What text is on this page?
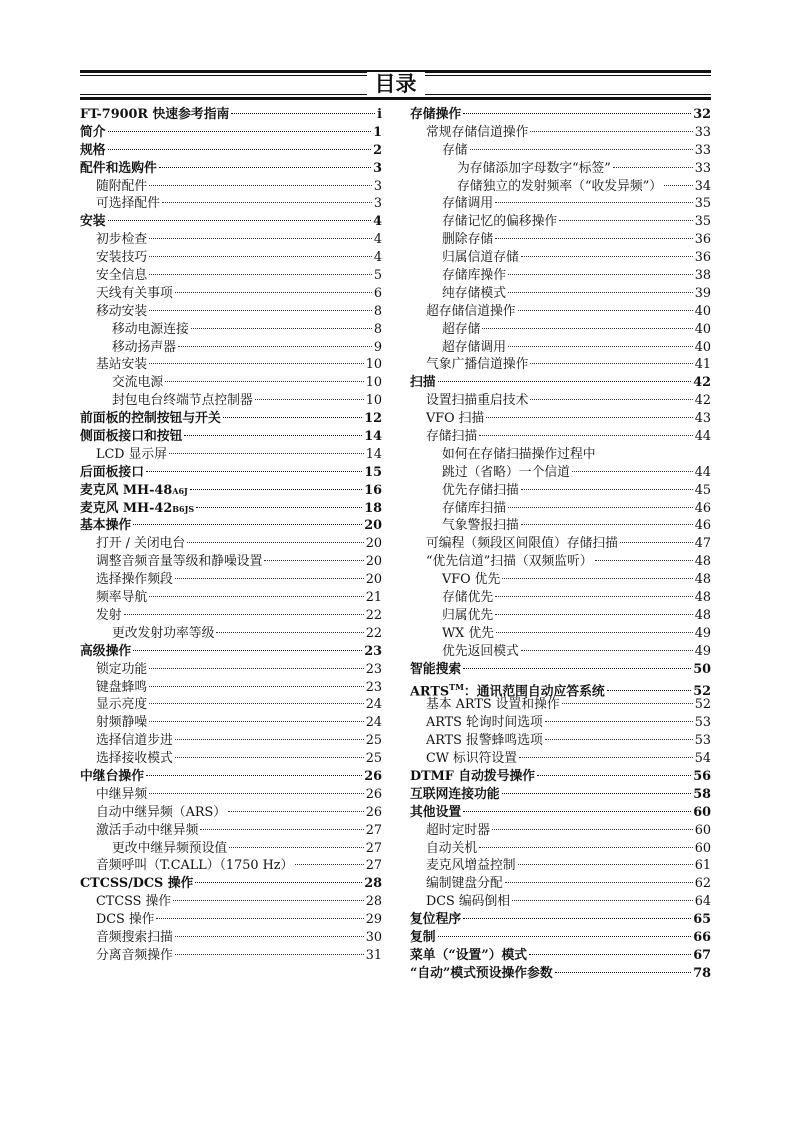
目录
FT-7900R 快速参考指南	i
简介	1
规格	2
配件和选购件	3
随附配件	3
可选择配件	3
安装	4
初步检查	4
安装技巧	4
安全信息	5
天线有关事项	6
移动安装	8
移动电源连接	8
移动扬声器	9
基站安装	10
交流电源	10
封包电台终端节点控制器	10
前面板的控制按钮与开关	12
侧面板接口和按钮	14
LCD 显示屏	14
后面板接口	15
麦克风 MH-48A6J	16
麦克风 MH-42B6JS	18
基本操作	20
打开 / 关闭电台	20
调整音频音量等级和静噪设置	20
选择操作频段	20
频率导航	21
发射	22
更改发射功率等级	22
高级操作	23
锁定功能	23
键盘蜂鸣	23
显示亮度	24
射频静噪	24
选择信道步进	25
选择接收模式	25
中继台操作	26
中继异频	26
自动中继异频（ARS）	26
激活手动中继异频	27
更改中继异频预设值	27
音频呼叫（T.CALL）（1750 Hz）	27
CTCSS/DCS 操作	28
CTCSS 操作	28
DCS 操作	29
音频搜索扫描	30
分离音频操作	31
存储操作	32
常规存储信道操作	33
存储	33
为存储添加字母数字“标签”	33
存储独立的发射频率（“收发异频”）	34
存储调用	35
存储记忆的偏移操作	35
删除存储	36
归属信道存储	36
存储库操作	38
纯存储模式	39
超存储信道操作	40
超存储	40
超存储调用	40
气象广播信道操作	41
扫描	42
设置扫描重启技术	42
VFO 扫描	43
存储扫描	44
如何在存储扫描操作过程中
跳过（省略）一个信道	44
优先存储扫描	45
存储库扫描	46
气象警报扫描	46
可编程（频段区间限值）存储扫描	47
“优先信道”扫描（双频监听）	48
VFO 优先	48
存储优先	48
归属优先	48
WX 优先	49
优先返回模式	49
智能搜索	50
ARTS™：通讯范围自动应答系统	52
基本 ARTS 设置和操作	52
ARTS 轮询时间选项	53
ARTS 报警蜂鸣选项	53
CW 标识符设置	54
DTMF 自动拨号操作	56
互联网连接功能	58
其他设置	60
超时定时器	60
自动关机	60
麦克风增益控制	61
编制键盘分配	62
DCS 编码倒相	64
复位程序	65
复制	66
菜单（“设置”）模式	67
“自动”模式预设操作参数	78
